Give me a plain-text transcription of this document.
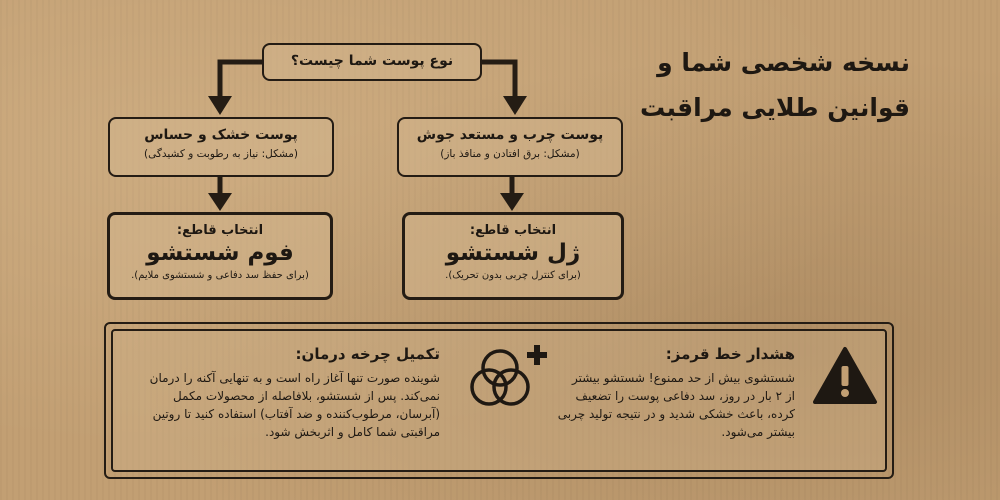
نسخه شخصی شما و
قوانین طلایی مراقبت
نوع پوست شما چیست؟
پوست چرب و مستعد جوش
(مشکل: برق افتادن و منافذ باز)
پوست خشک و حساس
(مشکل: نیاز به رطوبت و کشیدگی)
انتخاب قاطع:
ژل شستشو
(برای کنترل چربی بدون تحریک).
انتخاب قاطع:
فوم شستشو
(برای حفظ سد دفاعی و شستشوی ملایم).
هشدار خط قرمز:
شستشوی بیش از حد ممنوع! شستشو بیشتر
از ۲ بار در روز، سد دفاعی پوست را تضعیف
کرده، باعث خشکی شدید و در نتیجه تولید چربی
بیشتر می‌شود.
تکمیل چرخه درمان:
شوینده صورت تنها آغاز راه است و به تنهایی آکنه را درمان
نمی‌کند. پس از شستشو، بلافاصله از محصولات مکمل
(آبرسان، مرطوب‌کننده و ضد آفتاب) استفاده کنید تا روتین
مراقبتی شما کامل و اثربخش شود.
